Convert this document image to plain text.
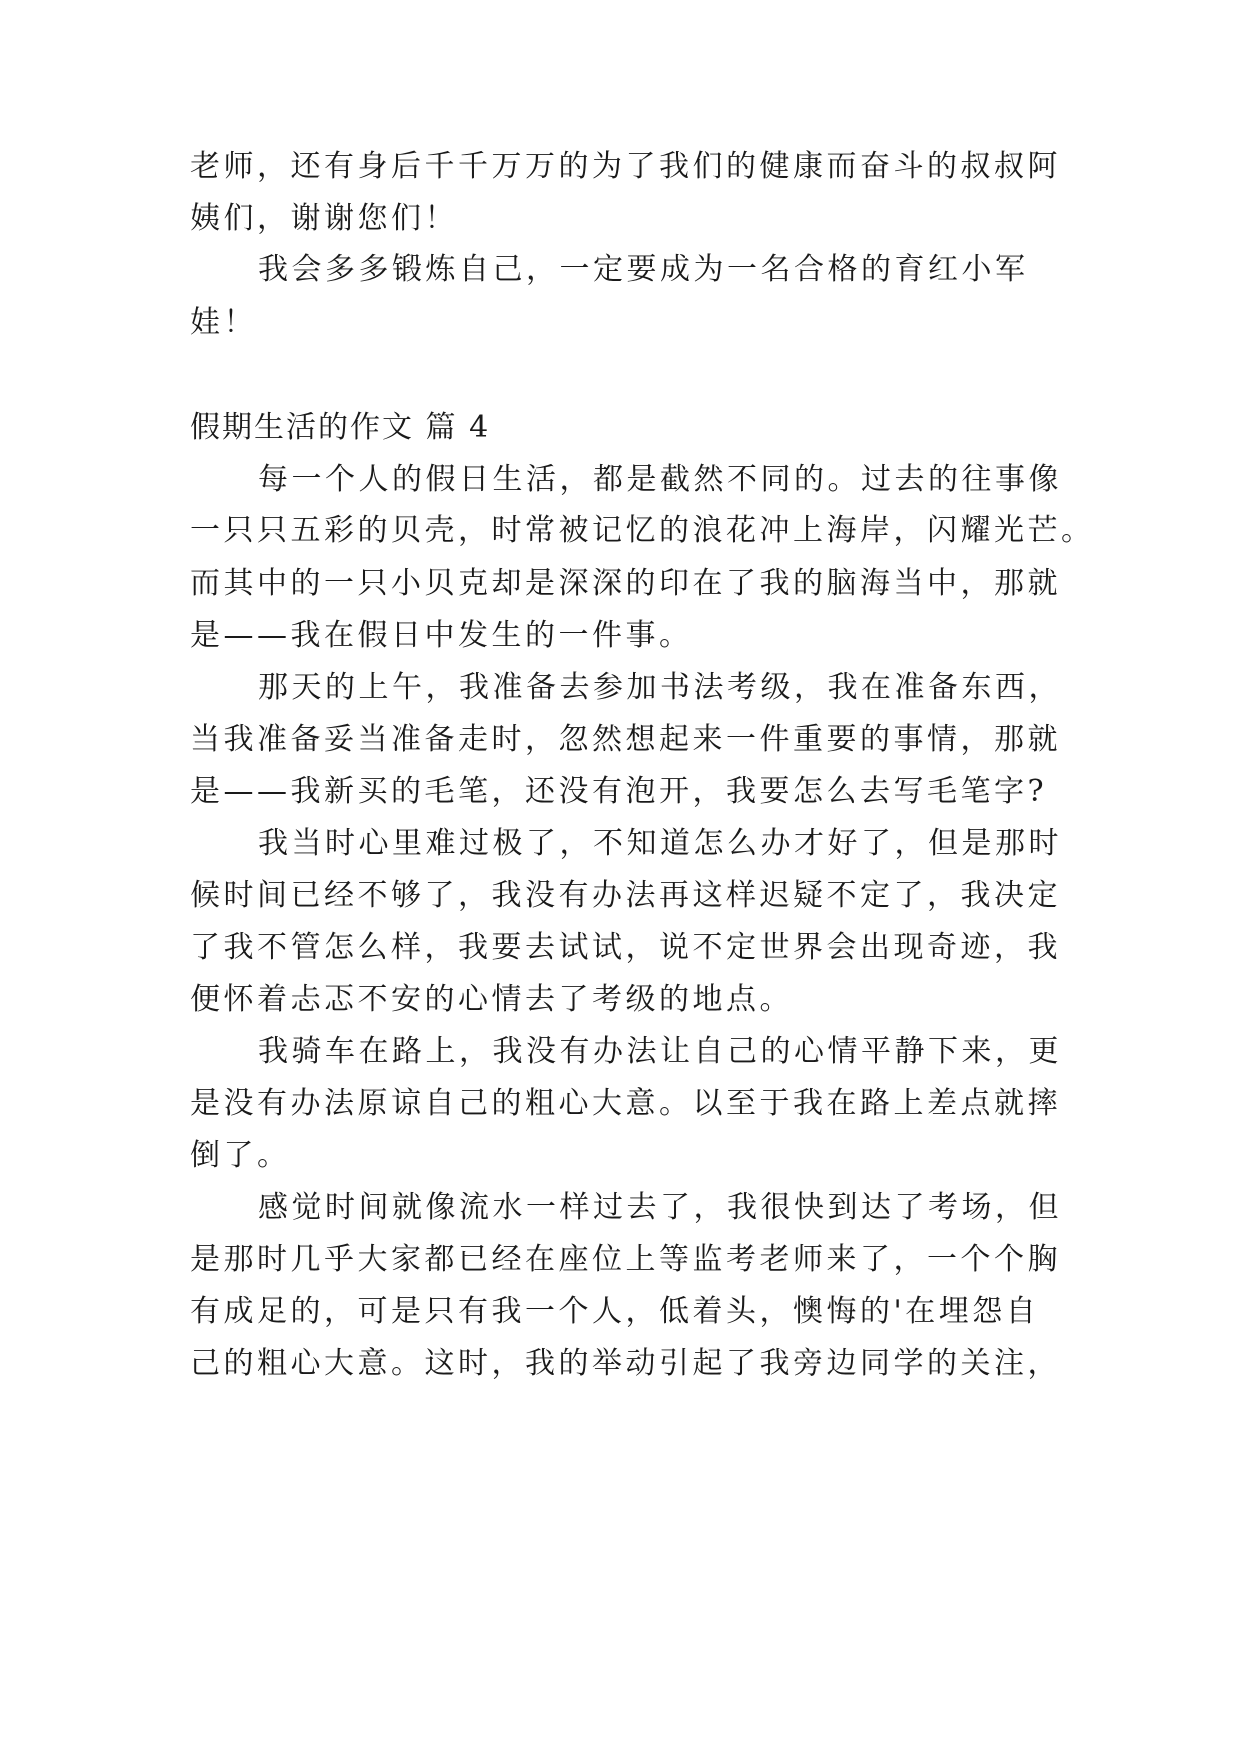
老师，还有身后千千万万的为了我们的健康而奋斗的叔叔阿
姨们，谢谢您们！
我会多多锻炼自己，一定要成为一名合格的育红小军
娃！
假期生活的作文 篇 4
每一个人的假日生活，都是截然不同的。过去的往事像
一只只五彩的贝壳，时常被记忆的浪花冲上海岸，闪耀光芒。
而其中的一只小贝克却是深深的印在了我的脑海当中，那就
是——我在假日中发生的一件事。
那天的上午，我准备去参加书法考级，我在准备东西，
当我准备妥当准备走时，忽然想起来一件重要的事情，那就
是——我新买的毛笔，还没有泡开，我要怎么去写毛笔字?
我当时心里难过极了，不知道怎么办才好了，但是那时
候时间已经不够了，我没有办法再这样迟疑不定了，我决定
了我不管怎么样，我要去试试，说不定世界会出现奇迹，我
便怀着忐忑不安的心情去了考级的地点。
我骑车在路上，我没有办法让自己的心情平静下来，更
是没有办法原谅自己的粗心大意。以至于我在路上差点就摔
倒了。
感觉时间就像流水一样过去了，我很快到达了考场，但
是那时几乎大家都已经在座位上等监考老师来了，一个个胸
有成足的，可是只有我一个人，低着头，懊悔的'在埋怨自
己的粗心大意。这时，我的举动引起了我旁边同学的关注，
